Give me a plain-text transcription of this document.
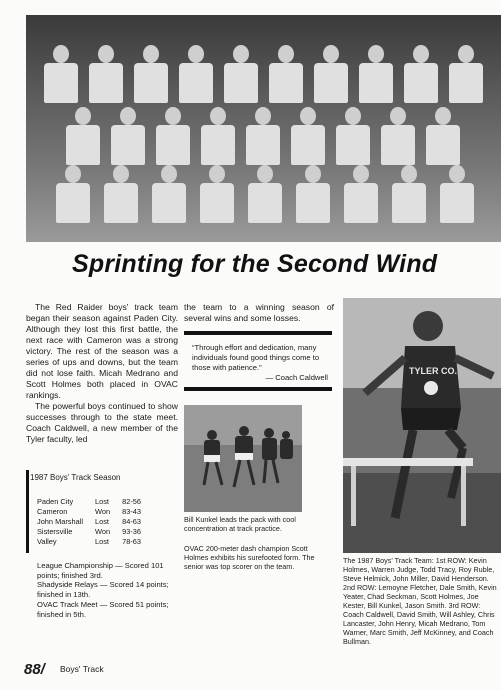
Sprinting for the Second Wind

The Red Raider boys' track team began their season against Paden City. Although they lost this first battle, the next race with Cameron was a strong victory. The rest of the season was a series of ups and downs, but the team did not lose faith. Micah Medrano and Scott Holmes both placed in OVAC rankings.

The powerful boys continued to show successes through to the state meet. Coach Caldwell, a new member of the Tyler faculty, led

the team to a winning season of several wins and some losses.

“Through effort and dedication, many individuals found good things come to those with patience.”
— Coach Caldwell
1987 Boys' Track Season
Paden City	Lost	82-56
Cameron	Won	83-43
John Marshall	Lost	84-63
Sistersville	Won	93-36
Valley	Lost	78-63

League Championship — Scored 101 points; finished 3rd.

Shadyside Relays — Scored 14 points; finished in 13th.

OVAC Track Meet — Scored 51 points; finished in 5th.

Bill Kunkel leads the pack with cool concentration at track practice.
OVAC 200-meter dash champion Scott Holmes exhibits his surefooted form. The senior was top scorer on the team.
TYLER CO.
The 1987 Boys' Track Team: 1st ROW: Kevin Holmes, Warren Judge, Todd Tracy, Roy Ruble, Steve Helmick, John Miller, David Henderson. 2nd ROW: Lemoyne Fletcher, Dale Smith, Kevin Yeater, Chad Seckman, Scott Holmes, Joe Kester, Bill Kunkel, Jason Smith. 3rd ROW: Coach Caldwell, David Smith, Will Ashley, Chris Lancaster, John Henry, Micah Medrano, Tom Warner, Marc Smith, Jeff McKinney, and Coach Bullman.
88/ Boys' Track
